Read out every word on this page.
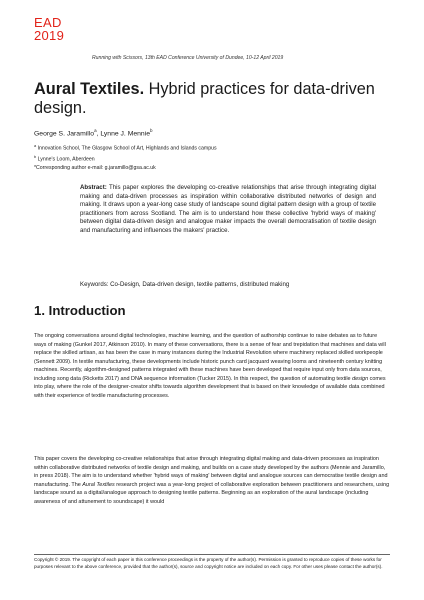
EAD
2019
Running with Scissors, 13th EAD Conference University of Dundee, 10-12 April 2019
Aural Textiles. Hybrid practices for data-driven design.
George S. Jaramillo$^a$, Lynne J. Mennie$^b$
$^a$ Innovation School, The Glasgow School of Art, Highlands and Islands campus
$^b$ Lynne's Loom, Aberdeen
*Corresponding author e-mail: g.jaramillo@gsa.ac.uk
Abstract: This paper explores the developing co-creative relationships that arise through integrating digital making and data-driven processes as inspiration within collaborative distributed networks of design and making. It draws upon a year-long case study of landscape sound digital pattern design with a group of textile practitioners from across Scotland. The aim is to understand how these collective 'hybrid ways of making' between digital data-driven design and analogue maker impacts the overall democratisation of textile design and manufacturing and influences the makers' practice.
Keywords: Co-Design, Data-driven design, textile patterns, distributed making
1. Introduction
The ongoing conversations around digital technologies, machine learning, and the question of authorship continue to raise debates as to future ways of making (Gunkel 2017, Atkinson 2010). In many of these conversations, there is a sense of fear and trepidation that machines and data will replace the skilled artisan, as has been the case in many instances during the Industrial Revolution where machinery replaced skilled workpeople (Sennett 2009). In textile manufacturing, these developments include historic punch card jacquard weaving looms and nineteenth century knitting machines. Recently, algorithm-designed patterns integrated with these machines have been developed that require input only from data sources, including song data (Ricketts 2017) and DNA sequence information (Tucker 2015). In this respect, the question of automating textile design comes into play, where the role of the designer-creator shifts towards algorithm development that is based on their knowledge of available data combined with their experience of textile manufacturing processes.
This paper covers the developing co-creative relationships that arise through integrating digital making and data-driven processes as inspiration within collaborative distributed networks of textile design and making, and builds on a case study developed by the authors (Mennie and Jaramillo, in press 2018). The aim is to understand whether 'hybrid ways of making' between digital and analogue sources can democratise textile design and manufacturing. The Aural Textiles research project was a year-long project of collaborative exploration between practitioners and researchers, using landscape sound as a digital/analogue approach to designing textile patterns. Beginning as an exploration of the aural landscape (including awareness of and attunement to soundscape) it would
Copyright © 2019. The copyright of each paper in this conference proceedings is the property of the author(s). Permission is granted to reproduce copies of these works for purposes relevant to the above conference, provided that the author(s), source and copyright notice are included on each copy. For other uses please contact the author(s).
